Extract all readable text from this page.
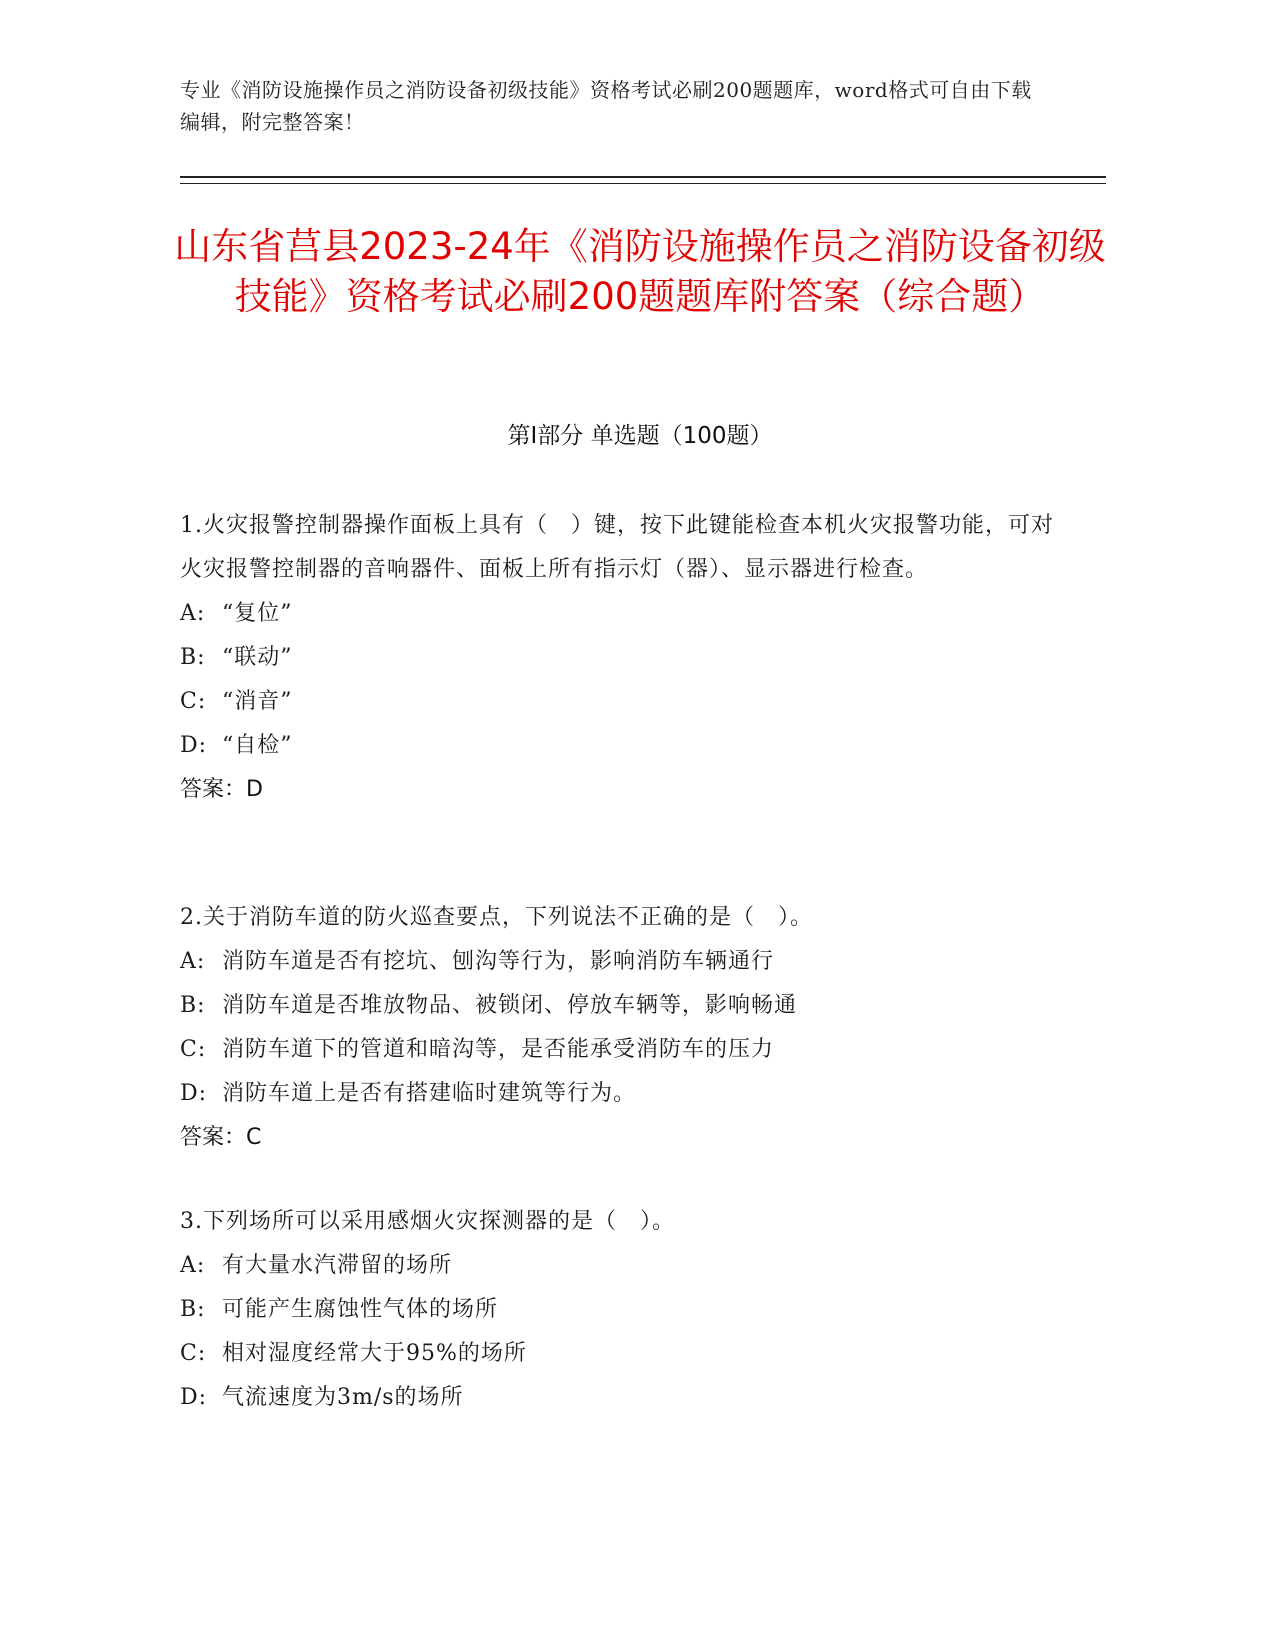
专业《消防设施操作员之消防设备初级技能》资格考试必刷200题题库，word格式可自由下载编辑，附完整答案！
山东省莒县2023-24年《消防设施操作员之消防设备初级技能》资格考试必刷200题题库附答案（综合题）
第Ⅰ部分 单选题（100题）

1.火灾报警控制器操作面板上具有（　）键，按下此键能检查本机火灾报警功能，可对火灾报警控制器的音响器件、面板上所有指示灯（器）、显示器进行检查。

A: “复位”

B: “联动”

C: “消音”

D: “自检”

答案：D

2.关于消防车道的防火巡查要点，下列说法不正确的是（　）。

A: 消防车道是否有挖坑、刨沟等行为，影响消防车辆通行

B: 消防车道是否堆放物品、被锁闭、停放车辆等，影响畅通

C: 消防车道下的管道和暗沟等，是否能承受消防车的压力

D: 消防车道上是否有搭建临时建筑等行为。

答案：C

3.下列场所可以采用感烟火灾探测器的是（　）。

A: 有大量水汽滞留的场所

B: 可能产生腐蚀性气体的场所

C: 相对湿度经常大于95%的场所

D: 气流速度为3m/s的场所
